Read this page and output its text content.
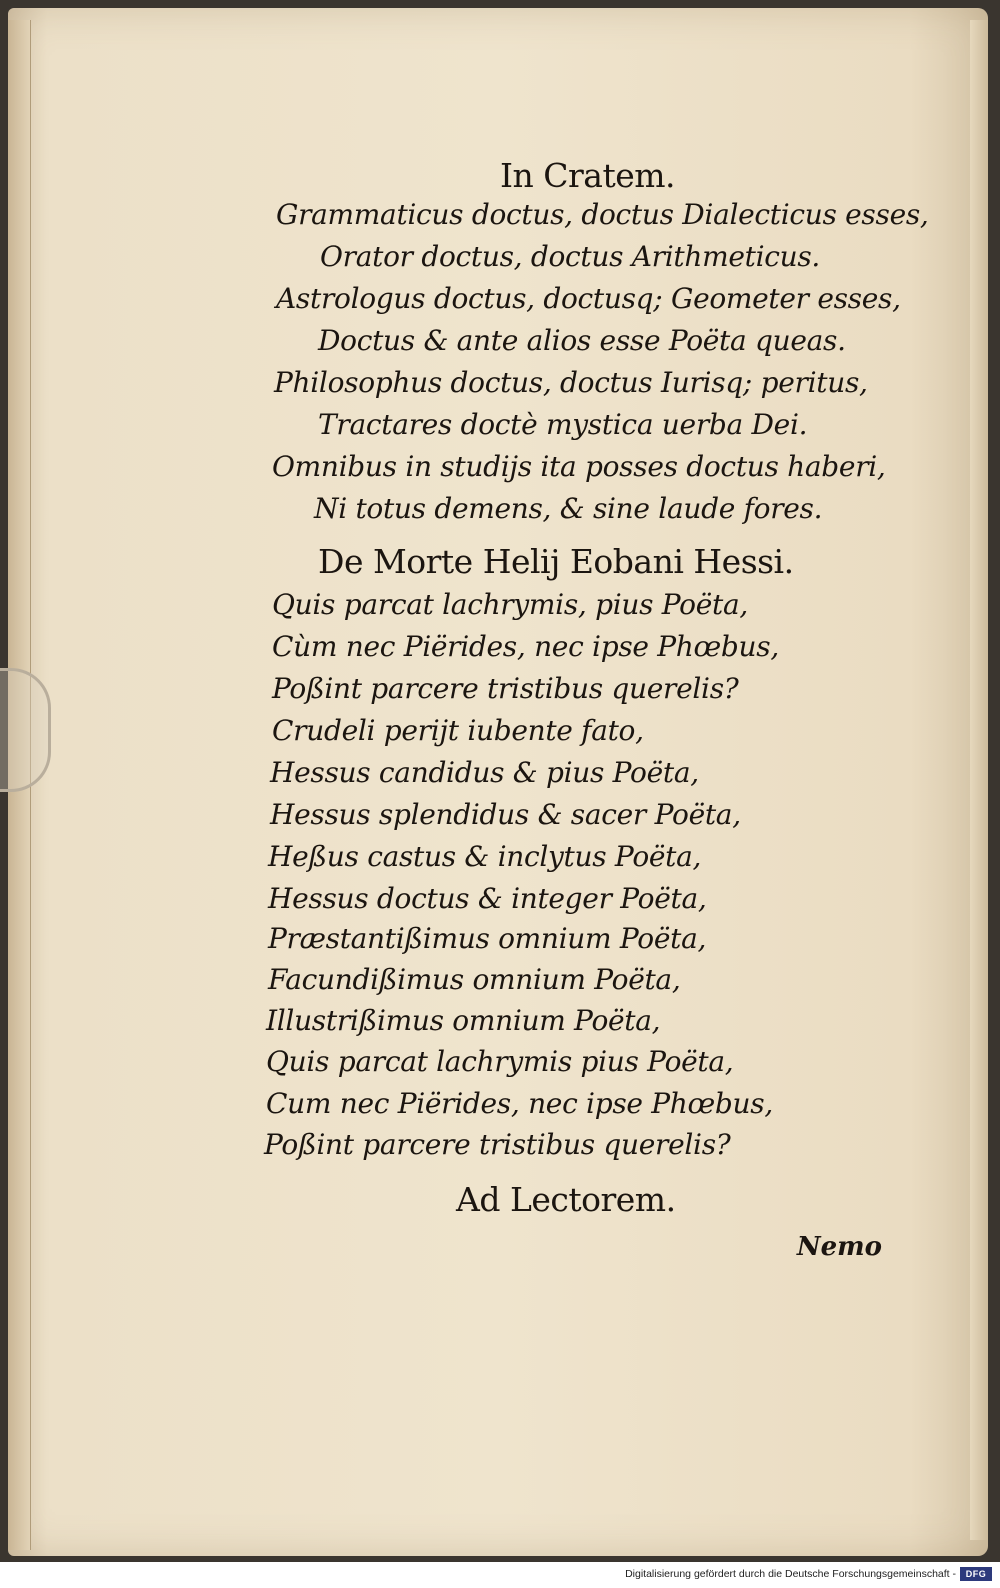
In Cratem.
Grammaticus doctus, doctus Dialecticus esses,
Orator doctus, doctus Arithmeticus.
Astrologus doctus, doctusq; Geometer esses,
Doctus & ante alios esse Poëta queas.
Philosophus doctus, doctus Iurisq; peritus,
Tractares doctè mystica uerba Dei.
Omnibus in studijs ita posses doctus haberi,
Ni totus demens, & sine laude fores.
De Morte Helij Eobani Hessi.
Quis parcat lachrymis, pius Poëta,
Cùm nec Piërides, nec ipse Phœbus,
Poßint parcere tristibus querelis?
Crudeli perijt iubente fato,
Hessus candidus & pius Poëta,
Hessus splendidus & sacer Poëta,
Heßus castus & inclytus Poëta,
Hessus doctus & integer Poëta,
Præstantißimus omnium Poëta,
Facundißimus omnium Poëta,
Illustrißimus omnium Poëta,
Quis parcat lachrymis pius Poëta,
Cum nec Piërides, nec ipse Phœbus,
Poßint parcere tristibus querelis?
Ad Lectorem.
Nemo
Digitalisierung gefördert durch die Deutsche Forschungsgemeinschaft -	DFG
